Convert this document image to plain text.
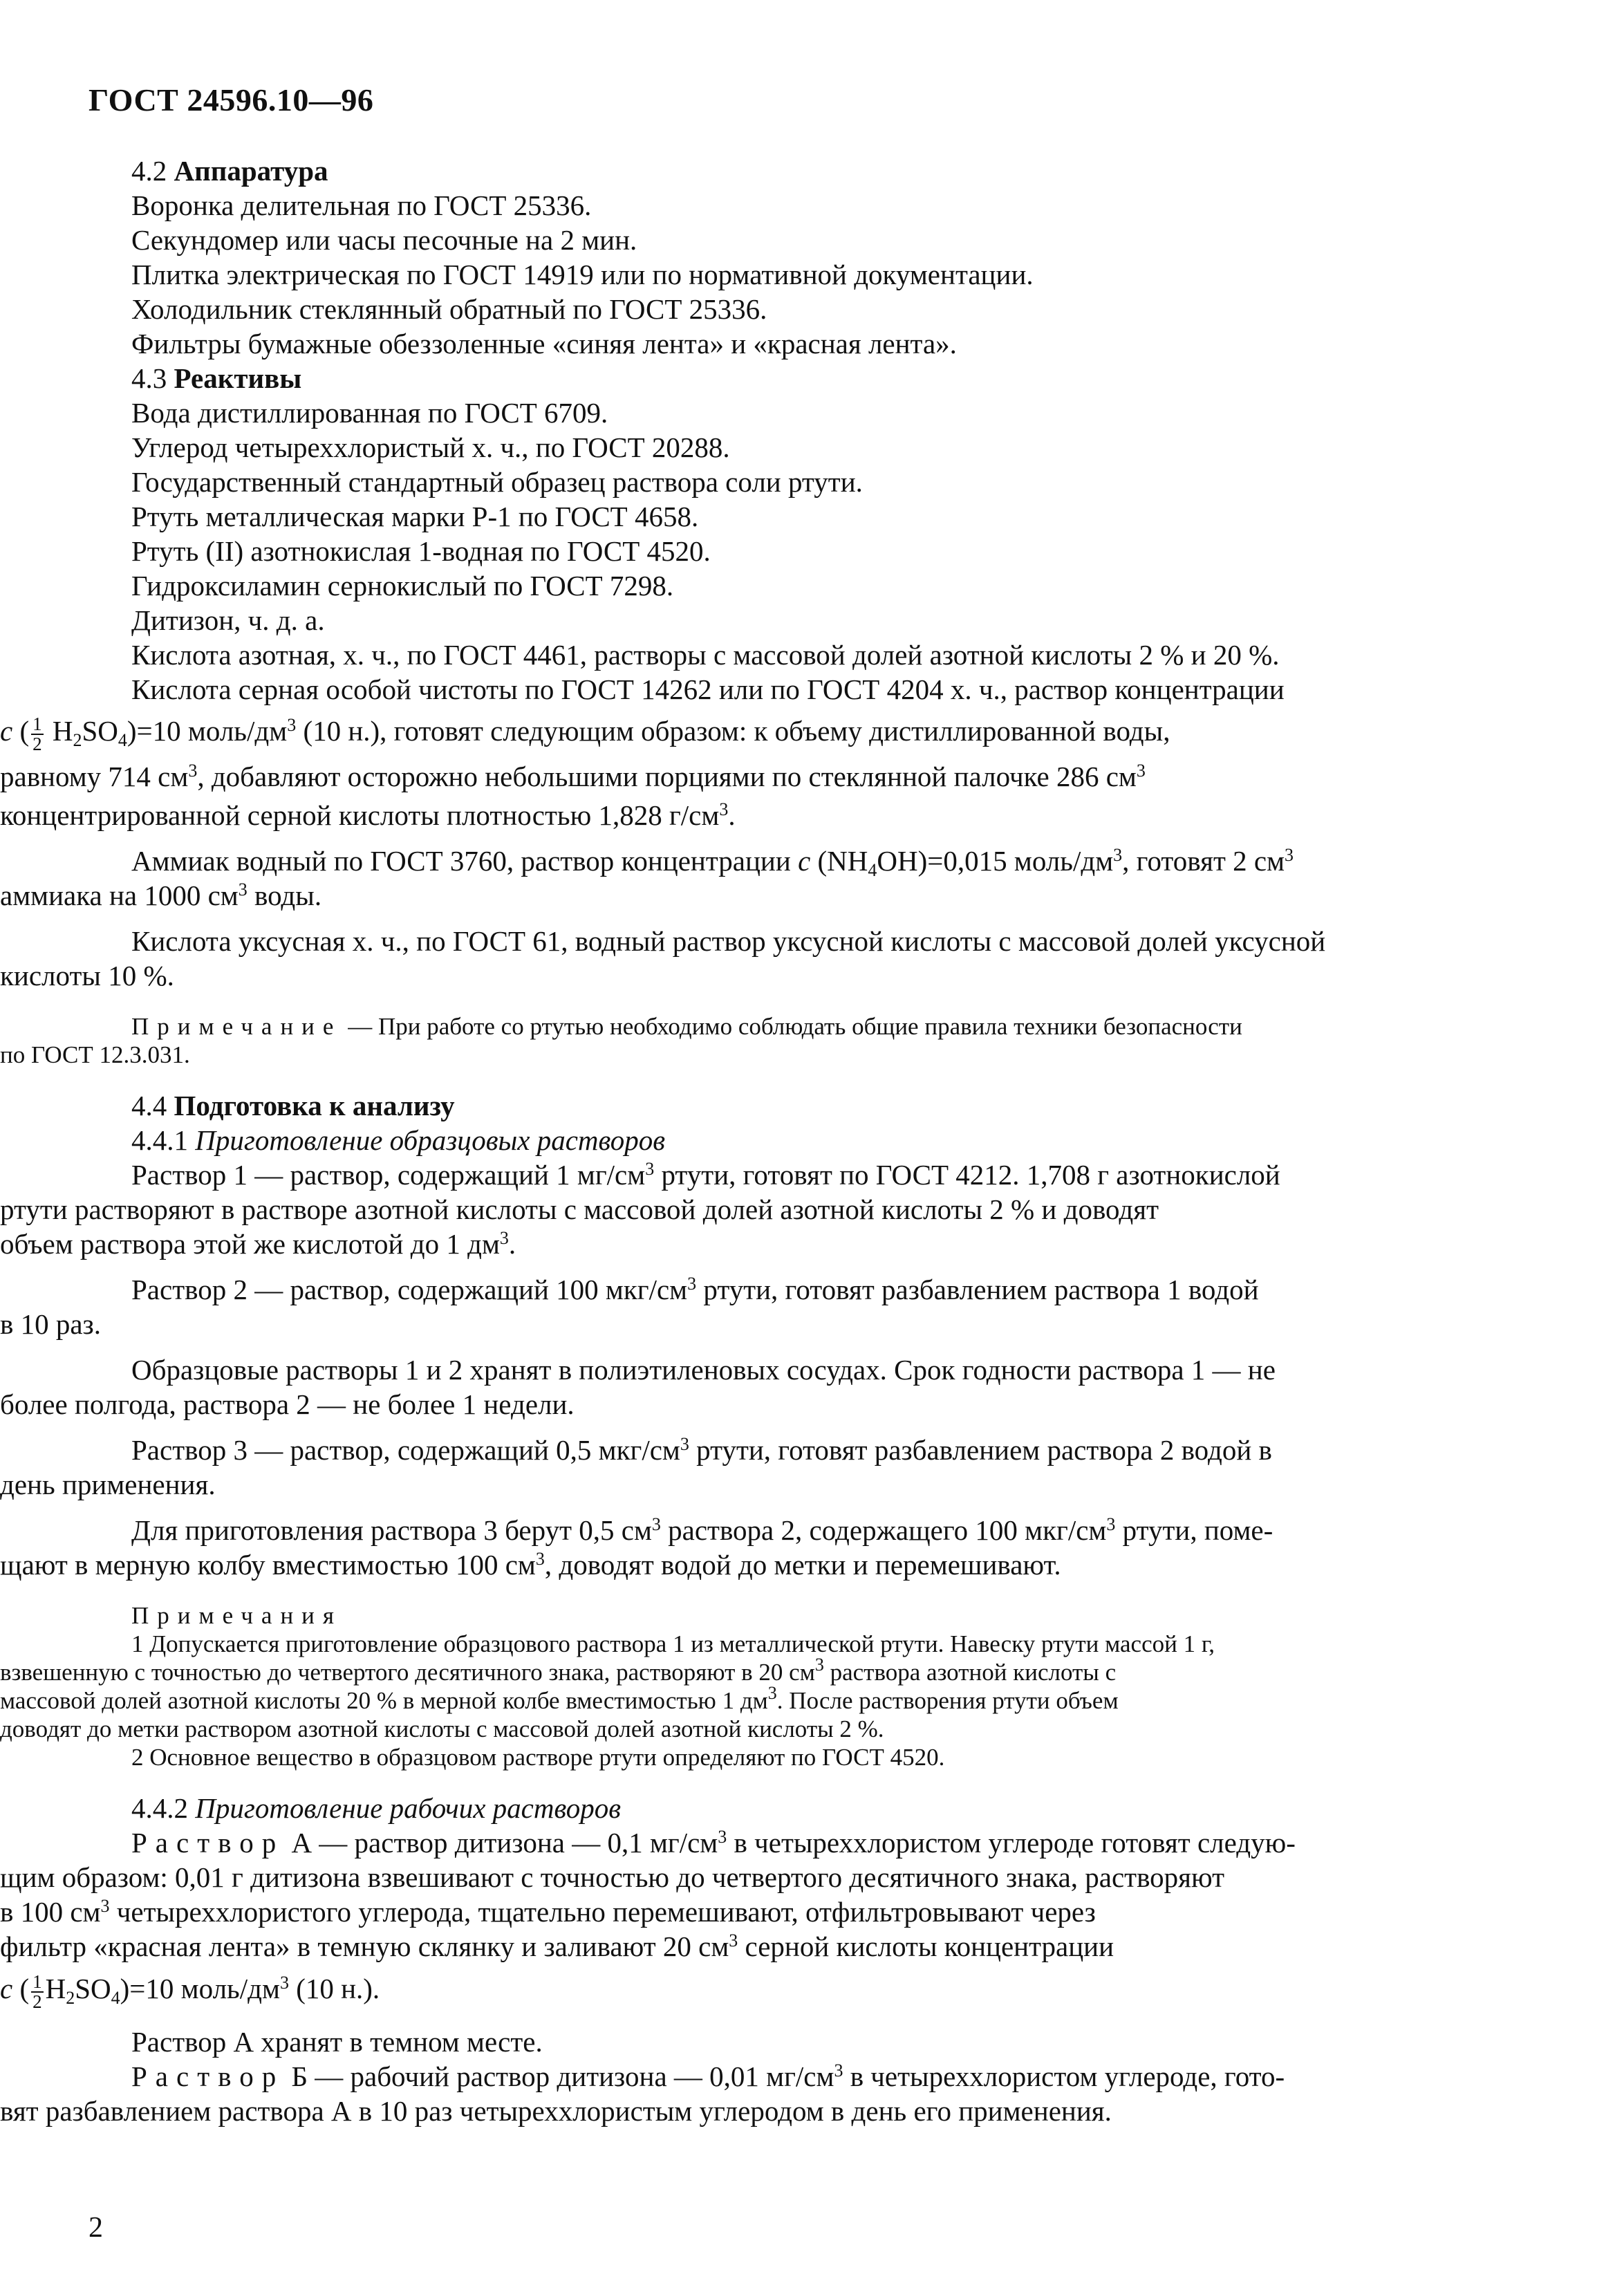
ГОСТ 24596.10—96
4.2 Аппаратура
Воронка делительная по ГОСТ 25336.
Секундомер или часы песочные на 2 мин.
Плитка электрическая по ГОСТ 14919 или по нормативной документации.
Холодильник стеклянный обратный по ГОСТ 25336.
Фильтры бумажные обеззоленные «синяя лента» и «красная лента».
4.3 Реактивы
Вода дистиллированная по ГОСТ 6709.
Углерод четыреххлористый х. ч., по ГОСТ 20288.
Государственный стандартный образец раствора соли ртути.
Ртуть металлическая марки Р-1 по ГОСТ 4658.
Ртуть (II) азотнокислая 1-водная по ГОСТ 4520.
Гидроксиламин сернокислый по ГОСТ 7298.
Дитизон, ч. д. а.
Кислота азотная, х. ч., по ГОСТ 4461, растворы с массовой долей азотной кислоты 2 % и 20 %.
Кислота серная особой чистоты по ГОСТ 14262 или по ГОСТ 4204 х. ч., раствор концентрации
c ( $\frac{1}{2} H_2SO_4)=10$ моль/$дм^3$ (10 н.), готовят следующим образом: к объему дистиллированной воды,
равному 714 $см^3$, добавляют осторожно небольшими порциями по стеклянной палочке 286 $см^3$
концентрированной серной кислоты плотностью 1,828 $г/см^3$.
Аммиак водный по ГОСТ 3760, раствор концентрации c $(NH_4OH)=0,015$ моль/$дм^3$, готовят 2 $см^3$
аммиака на 1000 $см^3$ воды.
Кислота уксусная х. ч., по ГОСТ 61, водный раствор уксусной кислоты с массовой долей уксусной
кислоты 10 %.
Примечание — При работе со ртутью необходимо соблюдать общие правила техники безопасности
по ГОСТ 12.3.031.
4.4 Подготовка к анализу
4.4.1 Приготовление образцовых растворов
Раствор 1 — раствор, содержащий 1 $мг/см^3$ ртути, готовят по ГОСТ 4212. 1,708 г азотнокислой
ртути растворяют в растворе азотной кислоты с массовой долей азотной кислоты 2 % и доводят
объем раствора этой же кислотой до 1 $дм^3$.
Раствор 2 — раствор, содержащий 100 мкг/$см^3$ ртути, готовят разбавлением раствора 1 водой
в 10 раз.
Образцовые растворы 1 и 2 хранят в полиэтиленовых сосудах. Срок годности раствора 1 — не
более полгода, раствора 2 — не более 1 недели.
Раствор 3 — раствор, содержащий 0,5 мкг/$см^3$ ртути, готовят разбавлением раствора 2 водой в
день применения.
Для приготовления раствора 3 берут 0,5 $см^3$ раствора 2, содержащего 100 мкг/$см^3$ ртути, поме-
щают в мерную колбу вместимостью 100 $см^3$, доводят водой до метки и перемешивают.
Примечания
1 Допускается приготовление образцового раствора 1 из металлической ртути. Навеску ртути массой 1 г,
взвешенную с точностью до четвертого десятичного знака, растворяют в 20 $см^3$ раствора азотной кислоты с
массовой долей азотной кислоты 20 % в мерной колбе вместимостью 1 $дм^3$. После растворения ртути объем
доводят до метки раствором азотной кислоты с массовой долей азотной кислоты 2 %.
2 Основное вещество в образцовом растворе ртути определяют по ГОСТ 4520.
4.4.2 Приготовление рабочих растворов
Раствор А — раствор дитизона — 0,1 $мг/см^3$ в четыреххлористом углероде готовят следую-
щим образом: 0,01 г дитизона взвешивают с точностью до четвертого десятичного знака, растворяют
в 100 $см^3$ четыреххлористого углерода, тщательно перемешивают, отфильтровывают через
фильтр «красная лента» в темную склянку и заливают 20 $см^3$ серной кислоты концентрации
c ( $\frac{1}{2} H_2SO_4)=10$ моль/$дм^3$ (10 н.).
Раствор А хранят в темном месте.
Раствор Б — рабочий раствор дитизона — 0,01 $мг/см^3$ в четыреххлористом углероде, гото-
вят разбавлением раствора А в 10 раз четыреххлористым углеродом в день его применения.
2
